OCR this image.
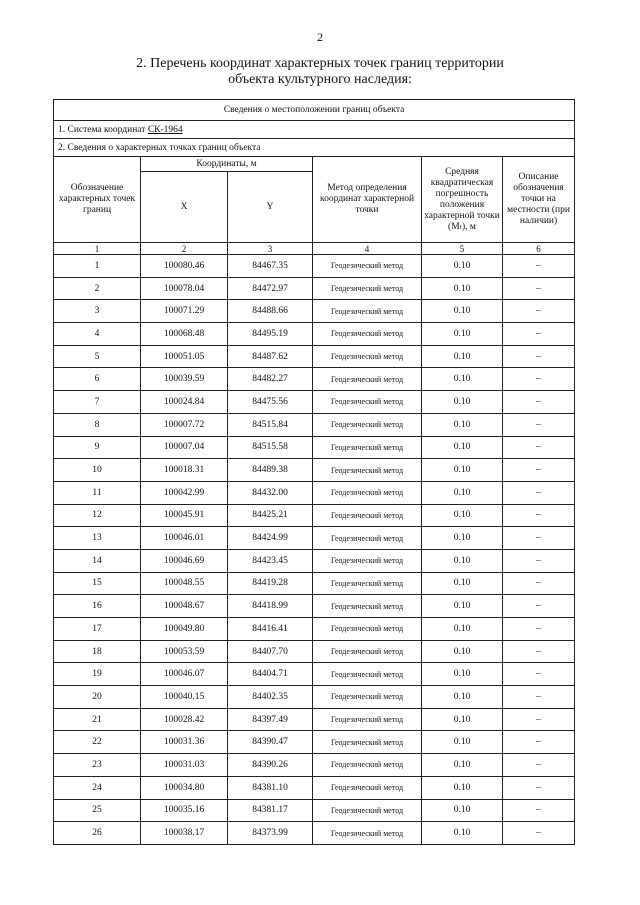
2
2. Перечень координат характерных точек границ территории
объекта культурного наследия:
Сведения о местоположении границ объекта					
1. Система координат СК-1964					
2. Сведения о характерных точках границ объекта					
Обозначение характерных точек границ	Координаты, м		Метод определения координат характерной точки	Средняя квадратическая погрешность положения характерной точки (Mₜ), м	Описание обозначения точки на местности (при наличии)
	X	Y			
1	2	3	4	5	6
1	100080.46	84467.35	Геодезический метод	0.10	–
2	100078.04	84472.97	Геодезический метод	0.10	–
3	100071.29	84488.66	Геодезический метод	0.10	–
4	100068.48	84495.19	Геодезический метод	0.10	–
5	100051.05	84487.62	Геодезический метод	0.10	–
6	100039.59	84482.27	Геодезический метод	0.10	–
7	100024.84	84475.56	Геодезический метод	0.10	–
8	100007.72	84515.84	Геодезический метод	0.10	–
9	100007.04	84515.58	Геодезический метод	0.10	–
10	100018.31	84489.38	Геодезический метод	0.10	–
11	100042.99	84432.00	Геодезический метод	0.10	–
12	100045.91	84425.21	Геодезический метод	0.10	–
13	100046.01	84424.99	Геодезический метод	0.10	–
14	100046.69	84423.45	Геодезический метод	0.10	–
15	100048.55	84419.28	Геодезический метод	0.10	–
16	100048.67	84418.99	Геодезический метод	0.10	–
17	100049.80	84416.41	Геодезический метод	0.10	–
18	100053.59	84407.70	Геодезический метод	0.10	–
19	100046.07	84404.71	Геодезический метод	0.10	–
20	100040.15	84402.35	Геодезический метод	0.10	–
21	100028.42	84397.49	Геодезический метод	0.10	–
22	100031.36	84390.47	Геодезический метод	0.10	–
23	100031.03	84390.26	Геодезический метод	0.10	–
24	100034.80	84381.10	Геодезический метод	0.10	–
25	100035.16	84381.17	Геодезический метод	0.10	–
26	100038.17	84373.99	Геодезический метод	0.10	–
